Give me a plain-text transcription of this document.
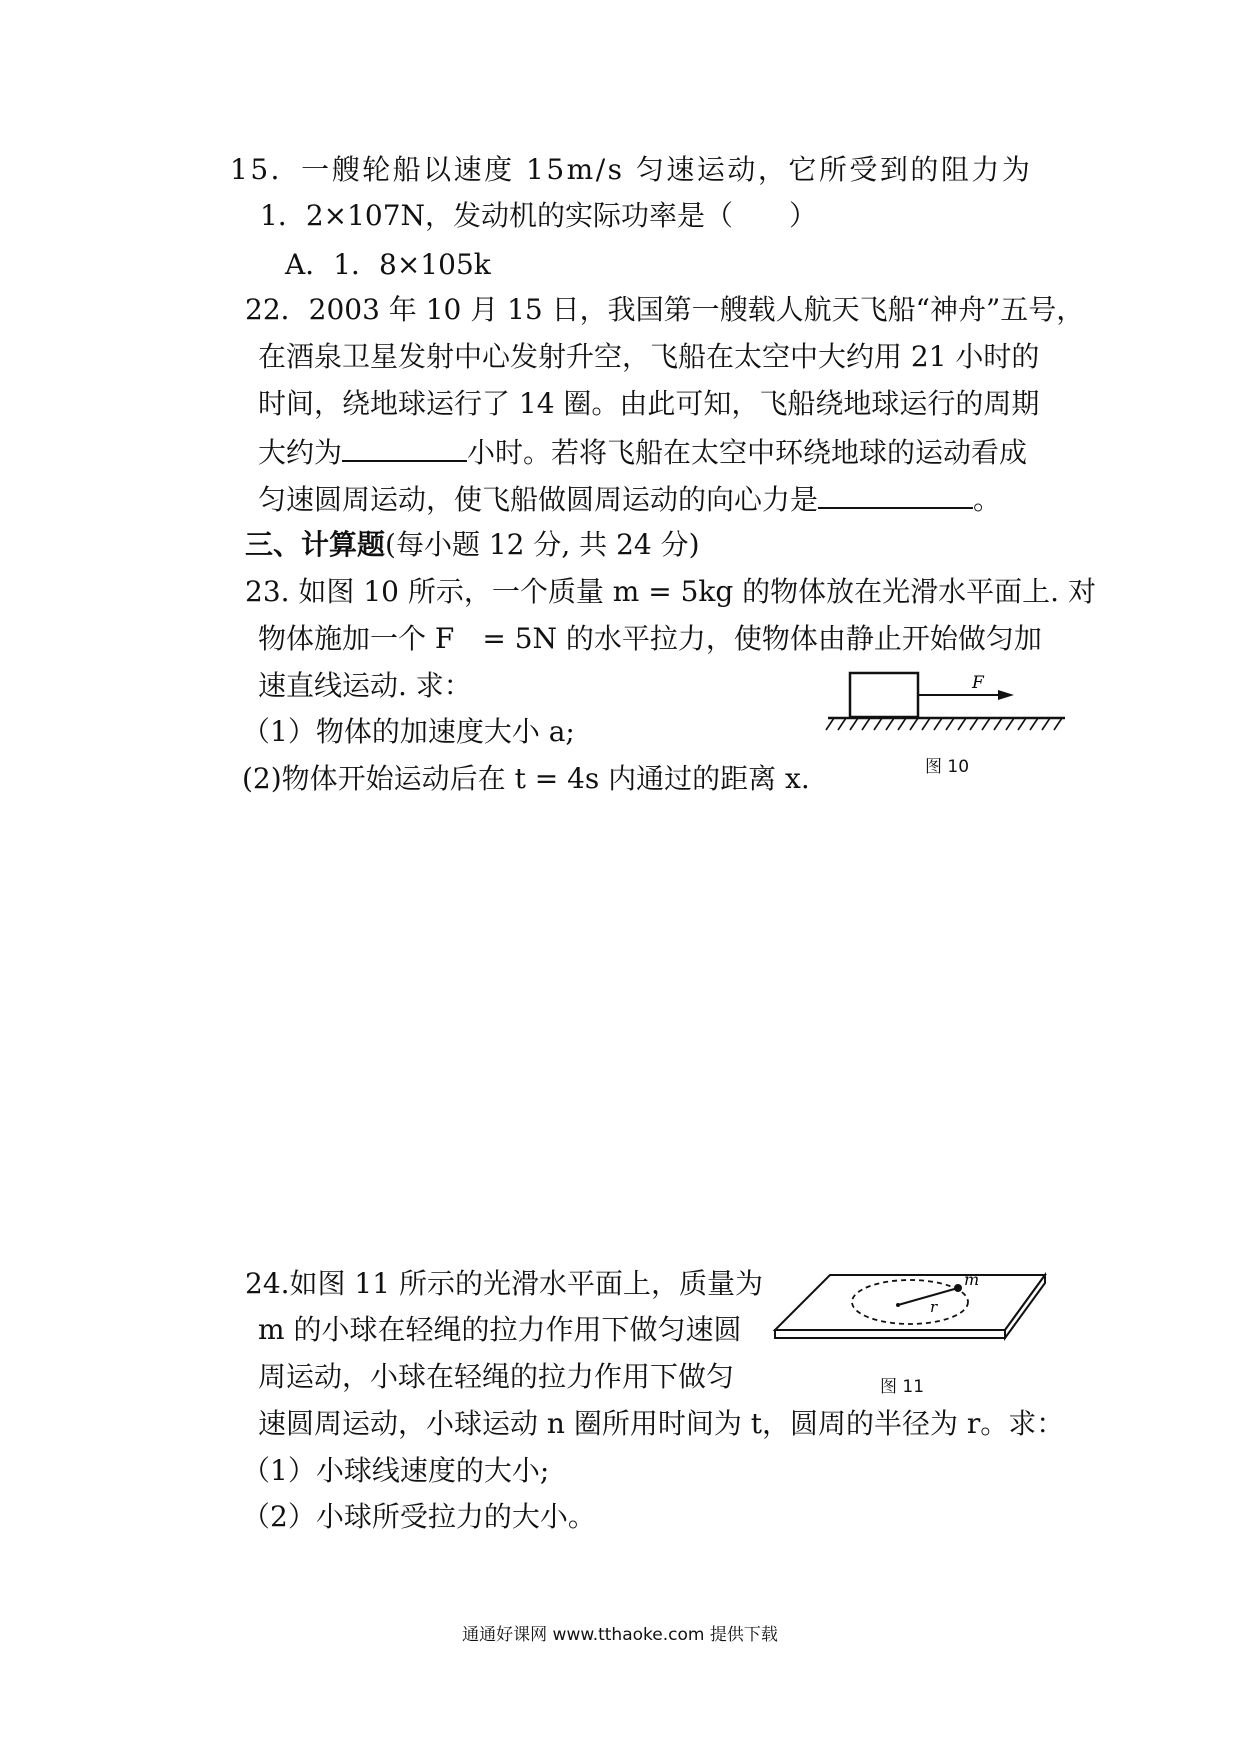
15．一艘轮船以速度 15m/s 匀速运动，它所受到的阻力为
1．2×107N，发动机的实际功率是（　　）
A．1．8×105k
22．2003 年 10 月 15 日，我国第一艘载人航天飞船“神舟”五号，
在酒泉卫星发射中心发射升空，飞船在太空中大约用 21 小时的
时间，绕地球运行了 14 圈。由此可知，飞船绕地球运行的周期
大约为	小时。若将飞船在太空中环绕地球的运动看成
匀速圆周运动，使飞船做圆周运动的向心力是	。
三、计算题(每小题 12 分, 共 24 分)
23. 如图 10 所示，一个质量 m = 5kg 的物体放在光滑水平面上. 对
物体施加一个 F　= 5N 的水平拉力，使物体由静止开始做匀加
速直线运动. 求：
（1）物体的加速度大小 a;
(2)物体开始运动后在 t = 4s 内通过的距离 x.
F
图 10
24.如图 11 所示的光滑水平面上，质量为
m 的小球在轻绳的拉力作用下做匀速圆
周运动，小球在轻绳的拉力作用下做匀
速圆周运动，小球运动 n 圈所用时间为 t，圆周的半径为 r。求：
（1）小球线速度的大小;
（2）小球所受拉力的大小。
m
r
图 11
通通好课网 www.tthaoke.com 提供下载
